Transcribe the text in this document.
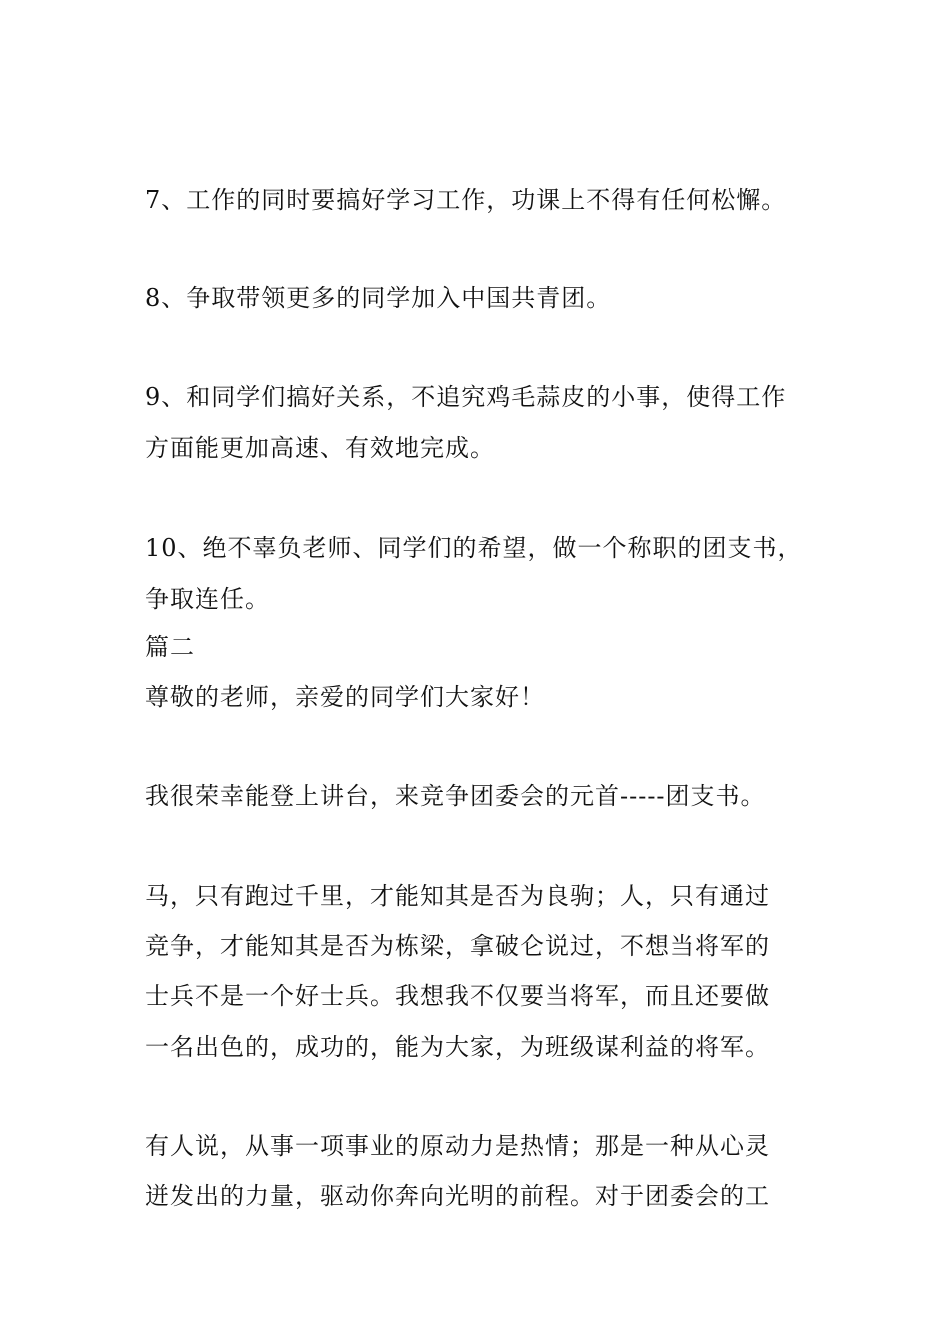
7、工作的同时要搞好学习工作，功课上不得有任何松懈。
8、争取带领更多的同学加入中国共青团。
9、和同学们搞好关系，不追究鸡毛蒜皮的小事，使得工作
方面能更加高速、有效地完成。
10、绝不辜负老师、同学们的希望，做一个称职的团支书，
争取连任。
篇二
尊敬的老师，亲爱的同学们大家好！
我很荣幸能登上讲台，来竞争团委会的元首-----团支书。
马，只有跑过千里，才能知其是否为良驹；人，只有通过
竞争，才能知其是否为栋梁，拿破仑说过，不想当将军的
士兵不是一个好士兵。我想我不仅要当将军，而且还要做
一名出色的，成功的，能为大家，为班级谋利益的将军。
有人说，从事一项事业的原动力是热情；那是一种从心灵
迸发出的力量，驱动你奔向光明的前程。对于团委会的工
